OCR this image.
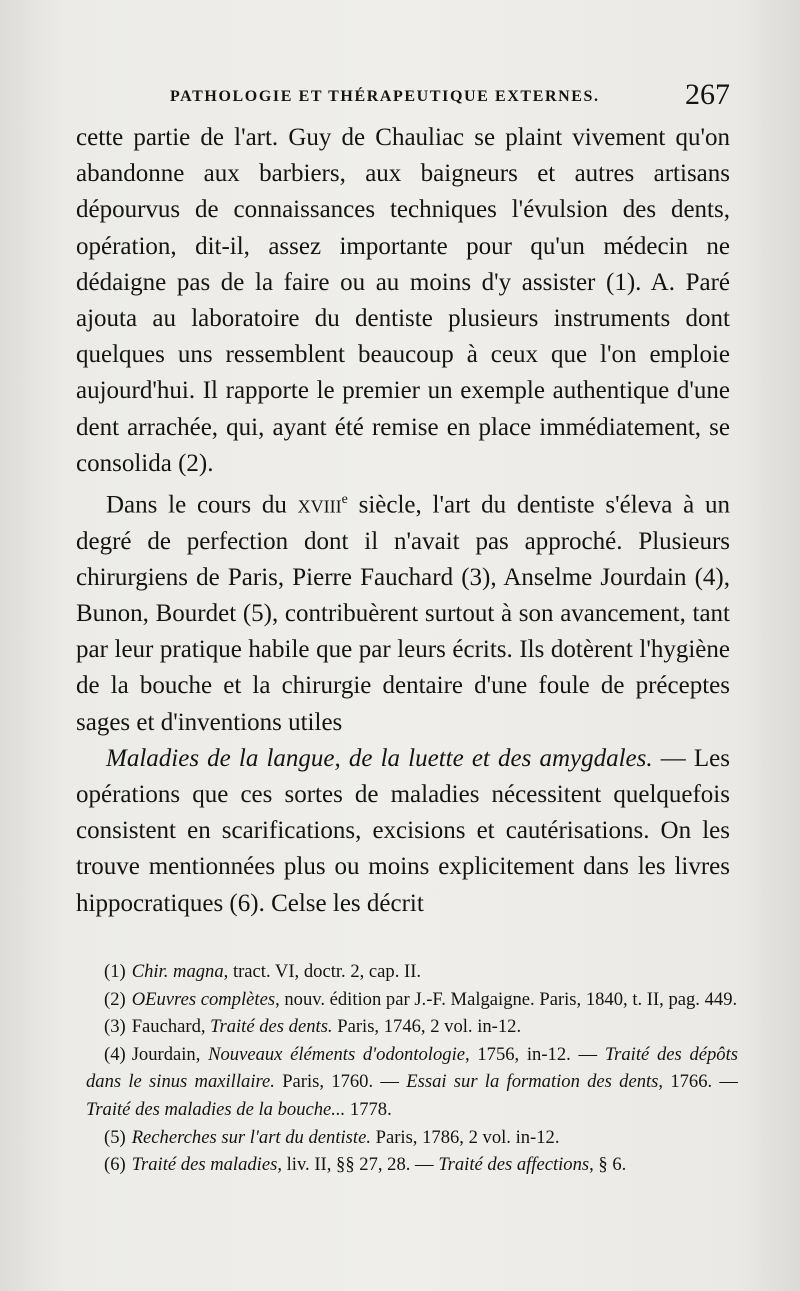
PATHOLOGIE ET THÉRAPEUTIQUE EXTERNES.	267

cette partie de l'art. Guy de Chauliac se plaint vivement qu'on abandonne aux barbiers, aux baigneurs et autres artisans dépourvus de connaissances techniques l'évulsion des dents, opération, dit-il, assez importante pour qu'un médecin ne dédaigne pas de la faire ou au moins d'y assister (1). A. Paré ajouta au laboratoire du dentiste plusieurs instruments dont quelques uns ressemblent beaucoup à ceux que l'on emploie aujourd'hui. Il rapporte le premier un exemple authentique d'une dent arrachée, qui, ayant été remise en place immédiatement, se consolida (2).

Dans le cours du xviii$^e$ siècle, l'art du dentiste s'éleva à un degré de perfection dont il n'avait pas approché. Plusieurs chirurgiens de Paris, Pierre Fauchard (3), Anselme Jourdain (4), Bunon, Bourdet (5), contribuèrent surtout à son avancement, tant par leur pratique habile que par leurs écrits. Ils dotèrent l'hygiène de la bouche et la chirurgie dentaire d'une foule de préceptes sages et d'inventions utiles

Maladies de la langue, de la luette et des amygdales. — Les opérations que ces sortes de maladies nécessitent quelquefois consistent en scarifications, excisions et cautérisations. On les trouve mentionnées plus ou moins explicitement dans les livres hippocratiques (6). Celse les décrit

(1) Chir. magna, tract. VI, doctr. 2, cap. II.

(2) OEuvres complètes, nouv. édition par J.-F. Malgaigne. Paris, 1840, t. II, pag. 449.

(3) Fauchard, Traité des dents. Paris, 1746, 2 vol. in-12.

(4) Jourdain, Nouveaux éléments d'odontologie, 1756, in-12. — Traité des dépôts dans le sinus maxillaire. Paris, 1760. — Essai sur la formation des dents, 1766. — Traité des maladies de la bouche... 1778.

(5) Recherches sur l'art du dentiste. Paris, 1786, 2 vol. in-12.

(6) Traité des maladies, liv. II, §§ 27, 28. — Traité des affections, § 6.
